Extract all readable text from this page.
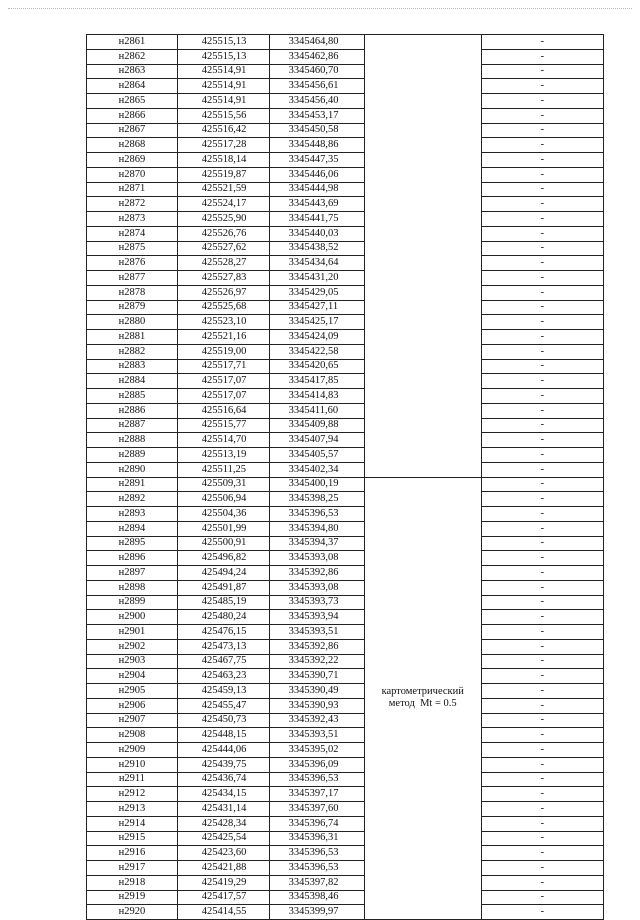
н2861	425515,13	3345464,80		-
н2862	425515,13	3345462,86		-
н2863	425514,91	3345460,70		-
н2864	425514,91	3345456,61		-
н2865	425514,91	3345456,40		-
н2866	425515,56	3345453,17		-
н2867	425516,42	3345450,58		-
н2868	425517,28	3345448,86		-
н2869	425518,14	3345447,35		-
н2870	425519,87	3345446,06		-
н2871	425521,59	3345444,98		-
н2872	425524,17	3345443,69		-
н2873	425525,90	3345441,75		-
н2874	425526,76	3345440,03		-
н2875	425527,62	3345438,52		-
н2876	425528,27	3345434,64		-
н2877	425527,83	3345431,20		-
н2878	425526,97	3345429,05		-
н2879	425525,68	3345427,11		-
н2880	425523,10	3345425,17		-
н2881	425521,16	3345424,09		-
н2882	425519,00	3345422,58		-
н2883	425517,71	3345420,65		-
н2884	425517,07	3345417,85		-
н2885	425517,07	3345414,83		-
н2886	425516,64	3345411,60		-
н2887	425515,77	3345409,88		-
н2888	425514,70	3345407,94		-
н2889	425513,19	3345405,57		-
н2890	425511,25	3345402,34		-
н2891	425509,31	3345400,19	картометрический
метод  Mt = 0.5	-
н2892	425506,94	3345398,25		-
н2893	425504,36	3345396,53		-
н2894	425501,99	3345394,80		-
н2895	425500,91	3345394,37		-
н2896	425496,82	3345393,08		-
н2897	425494,24	3345392,86		-
н2898	425491,87	3345393,08		-
н2899	425485,19	3345393,73		-
н2900	425480,24	3345393,94		-
н2901	425476,15	3345393,51		-
н2902	425473,13	3345392,86		-
н2903	425467,75	3345392,22		-
н2904	425463,23	3345390,71		-
н2905	425459,13	3345390,49		-
н2906	425455,47	3345390,93		-
н2907	425450,73	3345392,43		-
н2908	425448,15	3345393,51		-
н2909	425444,06	3345395,02		-
н2910	425439,75	3345396,09		-
н2911	425436,74	3345396,53		-
н2912	425434,15	3345397,17		-
н2913	425431,14	3345397,60		-
н2914	425428,34	3345396,74		-
н2915	425425,54	3345396,31		-
н2916	425423,60	3345396,53		-
н2917	425421,88	3345396,53		-
н2918	425419,29	3345397,82		-
н2919	425417,57	3345398,46		-
н2920	425414,55	3345399,97		-
